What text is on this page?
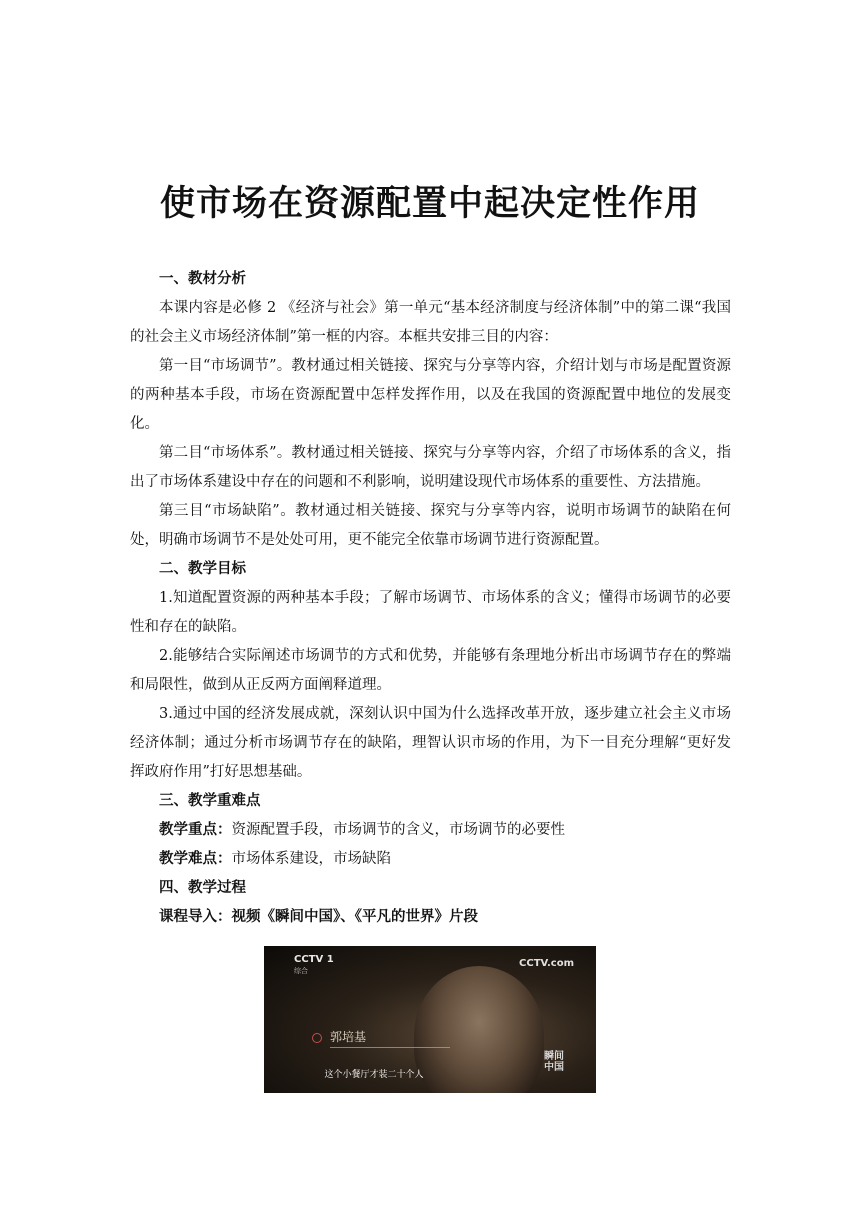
使市场在资源配置中起决定性作用

一、教材分析

本课内容是必修 2 《经济与社会》第一单元“基本经济制度与经济体制”中的第二课“我国的社会主义市场经济体制”第一框的内容。本框共安排三目的内容：

第一目“市场调节”。教材通过相关链接、探究与分享等内容，介绍计划与市场是配置资源的两种基本手段，市场在资源配置中怎样发挥作用，以及在我国的资源配置中地位的发展变化。

第二目“市场体系”。教材通过相关链接、探究与分享等内容，介绍了市场体系的含义，指出了市场体系建设中存在的问题和不利影响，说明建设现代市场体系的重要性、方法措施。

第三目“市场缺陷”。教材通过相关链接、探究与分享等内容，说明市场调节的缺陷在何处，明确市场调节不是处处可用，更不能完全依靠市场调节进行资源配置。

二、教学目标

1.知道配置资源的两种基本手段；了解市场调节、市场体系的含义；懂得市场调节的必要性和存在的缺陷。

2.能够结合实际阐述市场调节的方式和优势，并能够有条理地分析出市场调节存在的弊端和局限性，做到从正反两方面阐释道理。

3.通过中国的经济发展成就，深刻认识中国为什么选择改革开放，逐步建立社会主义市场经济体制；通过分析市场调节存在的缺陷，理智认识市场的作用，为下一目充分理解“更好发挥政府作用”打好思想基础。

三、教学重难点

教学重点：资源配置手段，市场调节的含义，市场调节的必要性

教学难点：市场体系建设，市场缺陷

四、教学过程

课程导入：视频《瞬间中国》、《平凡的世界》片段

CCTV 1
综合
CCTV.com
郭培基
这个小餐厅才装二十个人
瞬间中国
